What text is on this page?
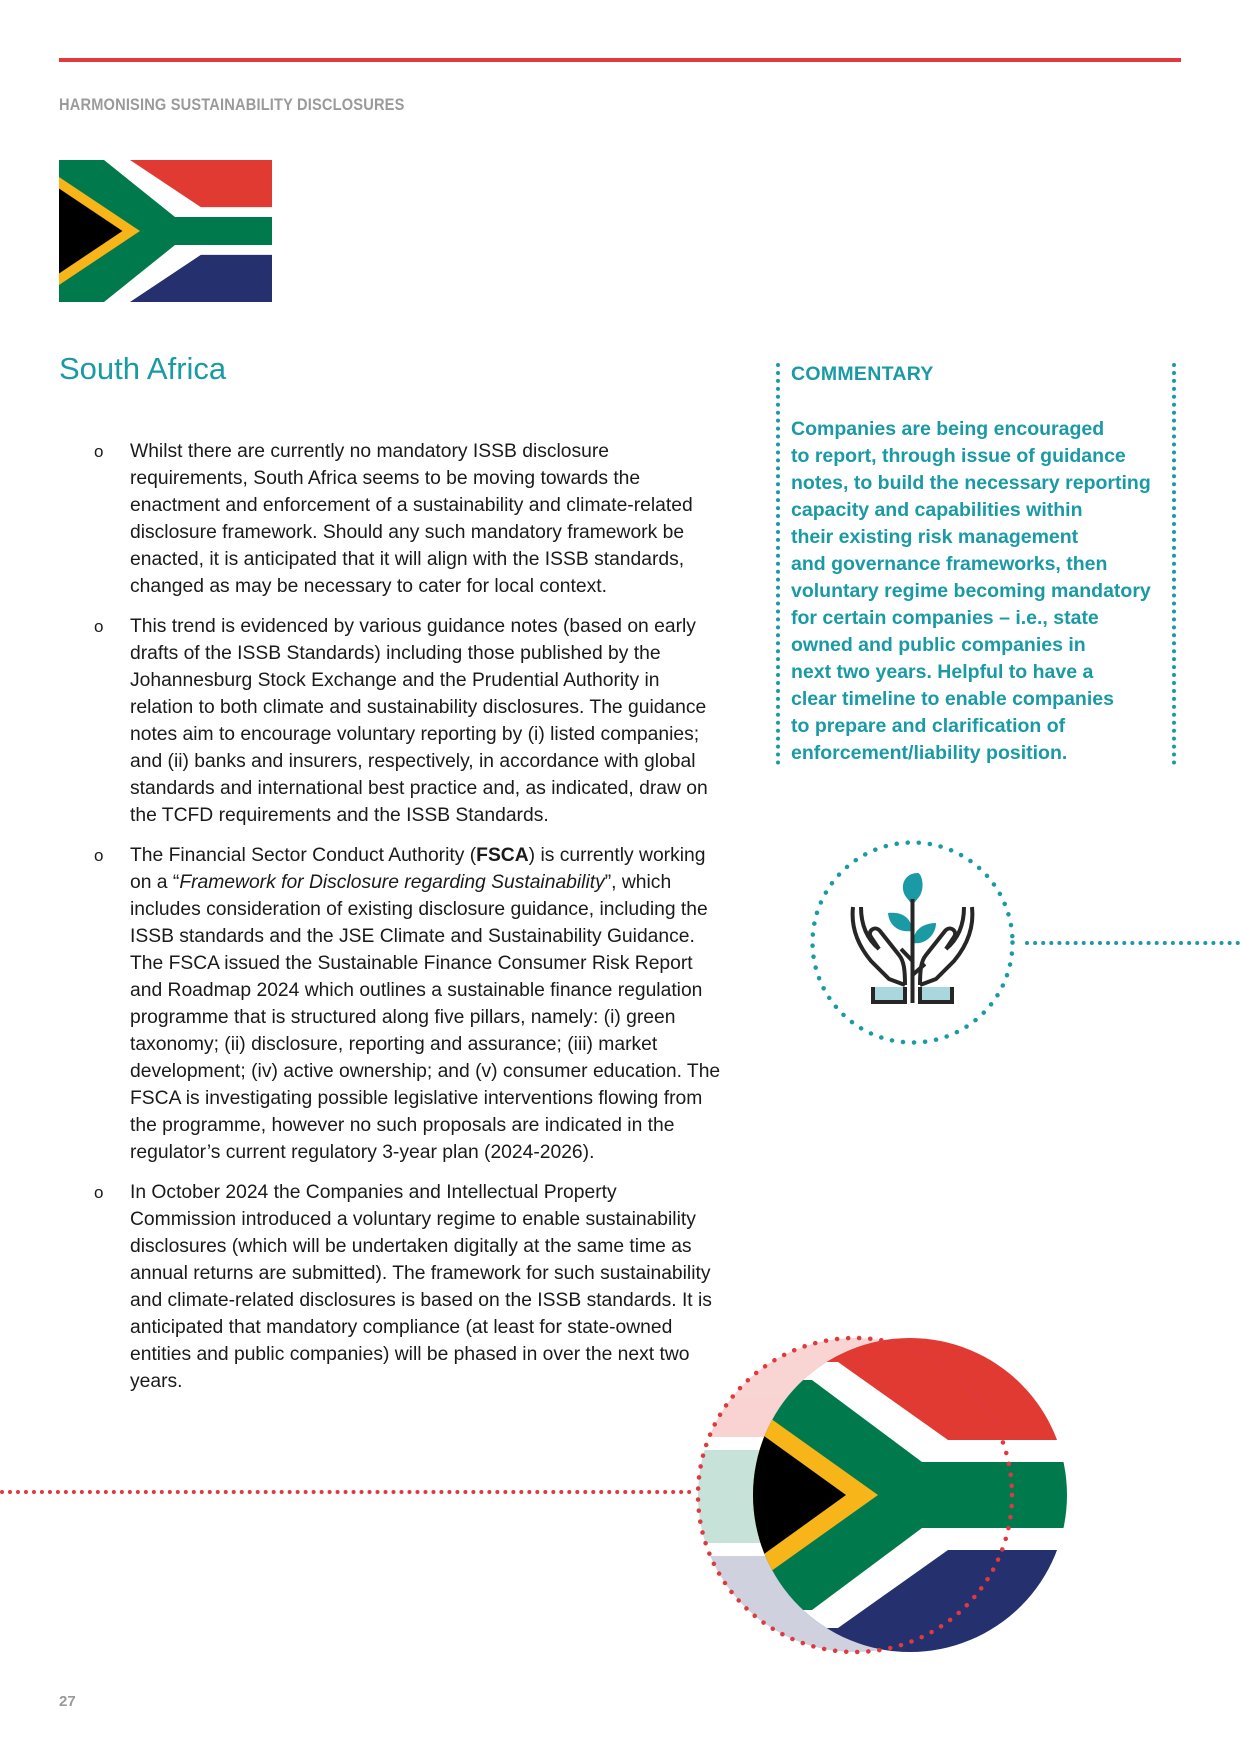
HARMONISING SUSTAINABILITY DISCLOSURES
South Africa
o Whilst there are currently no mandatory ISSB disclosure requirements, South Africa seems to be moving towards the enactment and enforcement of a sustainability and climate-related disclosure framework. Should any such mandatory framework be enacted, it is anticipated that it will align with the ISSB standards, changed as may be necessary to cater for local context.
o This trend is evidenced by various guidance notes (based on early drafts of the ISSB Standards) including those published by the Johannesburg Stock Exchange and the Prudential Authority in relation to both climate and sustainability disclosures. The guidance notes aim to encourage voluntary reporting by (i) listed companies; and (ii) banks and insurers, respectively, in accordance with global standards and international best practice and, as indicated, draw on the TCFD requirements and the ISSB Standards.
o The Financial Sector Conduct Authority (FSCA) is currently working on a “Framework for Disclosure regarding Sustainability”, which includes consideration of existing disclosure guidance, including the ISSB standards and the JSE Climate and Sustainability Guidance. The FSCA issued the Sustainable Finance Consumer Risk Report and Roadmap 2024 which outlines a sustainable finance regulation programme that is structured along five pillars, namely: (i) green taxonomy; (ii) disclosure, reporting and assurance; (iii) market development; (iv) active ownership; and (v) consumer education. The FSCA is investigating possible legislative interventions flowing from the programme, however no such proposals are indicated in the regulator’s current regulatory 3-year plan (2024-2026).
o In October 2024 the Companies and Intellectual Property Commission introduced a voluntary regime to enable sustainability disclosures (which will be undertaken digitally at the same time as annual returns are submitted). The framework for such sustainability and climate-related disclosures is based on the ISSB standards. It is anticipated that mandatory compliance (at least for state-owned entities and public companies) will be phased in over the next two years.
COMMENTARY

Companies are being encouraged
to report, through issue of guidance
notes, to build the necessary reporting
capacity and capabilities within
their existing risk management
and governance frameworks, then
voluntary regime becoming mandatory
for certain companies – i.e., state
owned and public companies in
next two years. Helpful to have a
clear timeline to enable companies
to prepare and clarification of
enforcement/liability position.

27
